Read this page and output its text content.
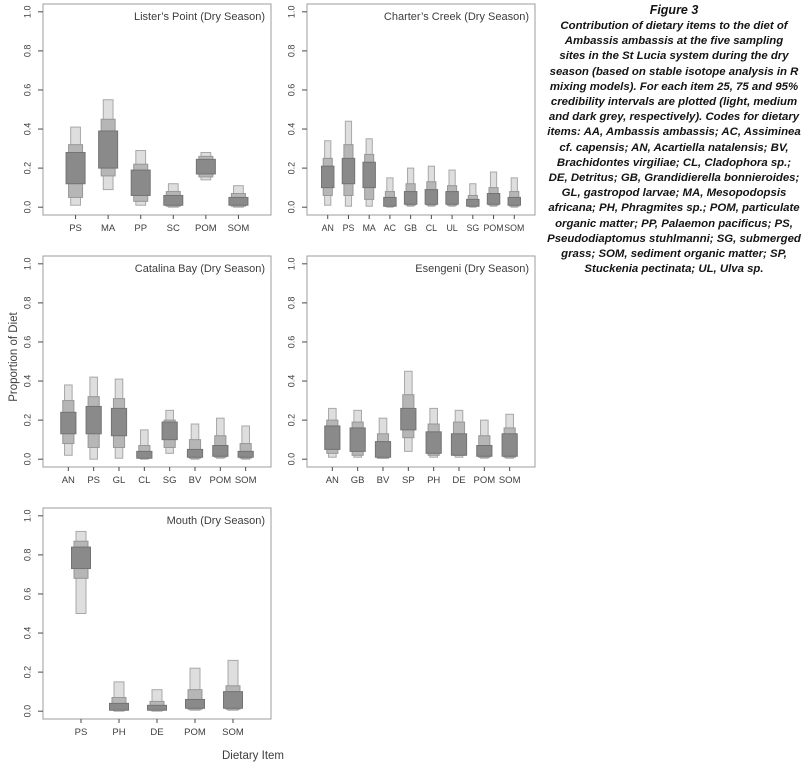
0.0
0.2
0.4
0.6
0.8
1.0
PS MA PP SC POM SOM
Lister’s Point (Dry Season)
0.0
0.2
0.4
0.6
0.8
1.0
AN PS MA AC GB CL UL SG POM SOM
Charter’s Creek (Dry Season)
0.0
0.2
0.4
0.6
0.8
1.0
AN PS GL CL SG BV POM SOM
Catalina Bay (Dry Season)
0.0
0.2
0.4
0.6
0.8
1.0
AN GB BV SP PH DE POM SOM
Esengeni (Dry Season)
0.0
0.2
0.4
0.6
0.8
1.0
PS	PH	DE POM SOM
Mouth (Dry Season)
Proportion of Diet
Dietary Item
Figure 3
Contribution of dietary items to the diet of
Ambassis ambassis at the five sampling
sites in the St Lucia system during the dry
season (based on stable isotope analysis in R
mixing models). For each item 25, 75 and 95%
credibility intervals are plotted (light, medium
and dark grey, respectively). Codes for dietary
items: AA, Ambassis ambassis; AC, Assiminea
cf. capensis; AN, Acartiella natalensis; BV,
Brachidontes virgiliae; CL, Cladophora sp.;
DE, Detritus; GB, Grandidierella bonnieroides;
GL, gastropod larvae; MA, Mesopodopsis
africana; PH, Phragmites sp.; POM, particulate
organic matter; PP, Palaemon pacificus; PS,
Pseudodiaptomus stuhlmanni; SG, submerged
grass; SOM, sediment organic matter; SP,
Stuckenia pectinata; UL, Ulva sp.
